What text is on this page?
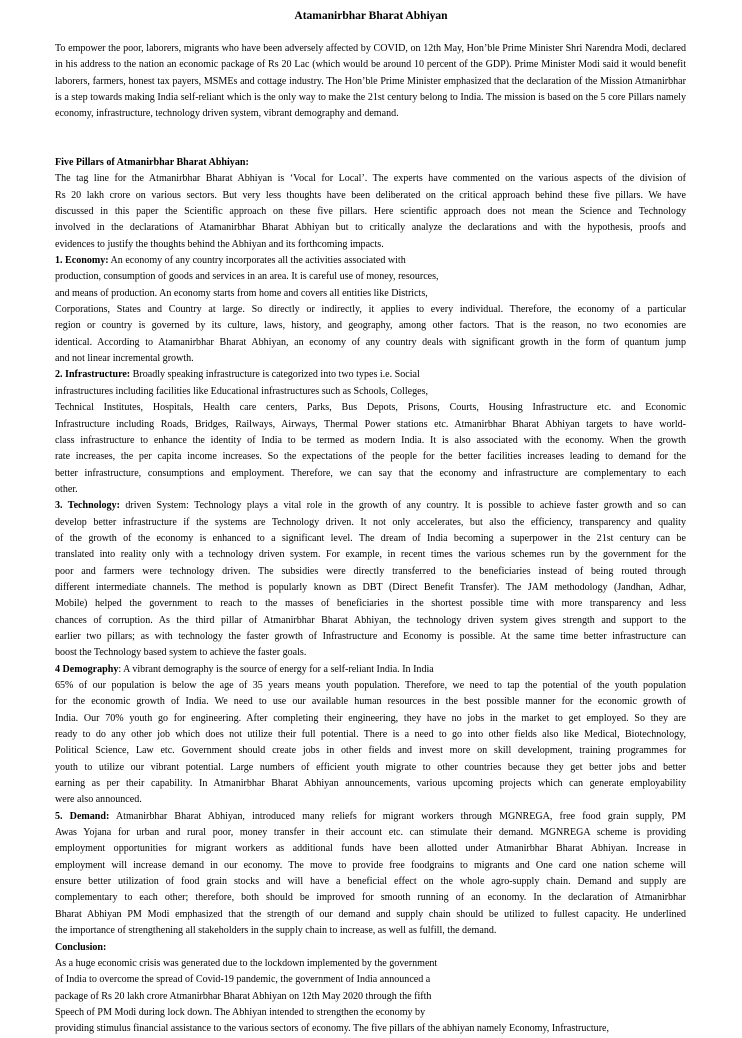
Atamanirbhar Bharat Abhiyan
To empower the poor, laborers, migrants who have been adversely affected by COVID, on 12th May, Hon’ble Prime Minister Shri Narendra Modi, declared in his address to the nation an economic package of Rs 20 Lac (which would be around 10 percent of the GDP). Prime Minister Modi said it would benefit laborers, farmers, honest tax payers, MSMEs and cottage industry. The Hon’ble Prime Minister emphasized that the declaration of the Mission Atmanirbhar is a step towards making India self-reliant which is the only way to make the 21st century belong to India. The mission is based on the 5 core Pillars namely economy, infrastructure, technology driven system, vibrant demography and demand.
Five Pillars of Atmanirbhar Bharat Abhiyan:
The tag line for the Atmanirbhar Bharat Abhiyan is ‘Vocal for Local’. The experts have commented on the various aspects of the division of
Rs 20 lakh crore on various sectors. But very less thoughts have been deliberated on the critical approach behind these five pillars. We have
discussed in this paper the Scientific approach on these five pillars. Here scientific approach does not mean the Science and Technology
involved in the declarations of Atamanirbhar Bharat Abhiyan but to critically analyze the declarations and with the hypothesis, proofs and
evidences to justify the thoughts behind the Abhiyan and its forthcoming impacts.
1. Economy: An economy of any country incorporates all the activities associated with
production, consumption of goods and services in an area. It is careful use of money, resources,
and means of production. An economy starts from home and covers all entities like Districts,
Corporations, States and Country at large. So directly or indirectly, it applies to every individual. Therefore, the economy of a particular
region or country is governed by its culture, laws, history, and geography, among other factors. That is the reason, no two economies are
identical. According to Atamanirbhar Bharat Abhiyan, an economy of any country deals with significant growth in the form of quantum jump
and not linear incremental growth.
2. Infrastructure: Broadly speaking infrastructure is categorized into two types i.e. Social
infrastructures including facilities like Educational infrastructures such as Schools, Colleges,
Technical Institutes, Hospitals, Health care centers, Parks, Bus Depots, Prisons, Courts, Housing Infrastructure etc. and Economic
Infrastructure including Roads, Bridges, Railways, Airways, Thermal Power stations etc. Atmanirbhar Bharat Abhiyan targets to have world-
class infrastructure to enhance the identity of India to be termed as modern India. It is also associated with the economy. When the growth
rate increases, the per capita income increases. So the expectations of the people for the better facilities increases leading to demand for the
better infrastructure, consumptions and employment. Therefore, we can say that the economy and infrastructure are complementary to each
other.
3. Technology: driven System: Technology plays a vital role in the growth of any country. It is possible to achieve faster growth and so can
develop better infrastructure if the systems are Technology driven. It not only accelerates, but also the efficiency, transparency and quality
of the growth of the economy is enhanced to a significant level. The dream of India becoming a superpower in the 21st century can be
translated into reality only with a technology driven system. For example, in recent times the various schemes run by the government for the
poor and farmers were technology driven. The subsidies were directly transferred to the beneficiaries instead of being routed through
different intermediate channels. The method is popularly known as DBT (Direct Benefit Transfer). The JAM methodology (Jandhan, Adhar,
Mobile) helped the government to reach to the masses of beneficiaries in the shortest possible time with more transparency and less
chances of corruption. As the third pillar of Atmanirbhar Bharat Abhiyan, the technology driven system gives strength and support to the
earlier two pillars; as with technology the faster growth of Infrastructure and Economy is possible. At the same time better infrastructure can
boost the Technology based system to achieve the faster goals.
4 Demography: A vibrant demography is the source of energy for a self-reliant India. In India
65% of our population is below the age of 35 years means youth population. Therefore, we need to tap the potential of the youth population
for the economic growth of India. We need to use our available human resources in the best possible manner for the economic growth of
India. Our 70% youth go for engineering. After completing their engineering, they have no jobs in the market to get employed. So they are
ready to do any other job which does not utilize their full potential. There is a need to go into other fields also like Medical, Biotechnology,
Political Science, Law etc. Government should create jobs in other fields and invest more on skill development, training programmes for
youth to utilize our vibrant potential. Large numbers of efficient youth migrate to other countries because they get better jobs and better
earning as per their capability. In Atmanirbhar Bharat Abhiyan announcements, various upcoming projects which can generate employability
were also announced.
5. Demand: Atmanirbhar Bharat Abhiyan, introduced many reliefs for migrant workers through MGNREGA, free food grain supply, PM
Awas Yojana for urban and rural poor, money transfer in their account etc. can stimulate their demand. MGNREGA scheme is providing
employment opportunities for migrant workers as additional funds have been allotted under Atmanirbhar Bharat Abhiyan. Increase in
employment will increase demand in our economy. The move to provide free foodgrains to migrants and One card one nation scheme will
ensure better utilization of food grain stocks and will have a beneficial effect on the whole agro-supply chain. Demand and supply are
complementary to each other; therefore, both should be improved for smooth running of an economy. In the declaration of Atmanirbhar
Bharat Abhiyan PM Modi emphasized that the strength of our demand and supply chain should be utilized to fullest capacity. He underlined
the importance of strengthening all stakeholders in the supply chain to increase, as well as fulfill, the demand.
Conclusion:
As a huge economic crisis was generated due to the lockdown implemented by the government
of India to overcome the spread of Covid-19 pandemic, the government of India announced a
package of Rs 20 lakh crore Atmanirbhar Bharat Abhiyan on 12th May 2020 through the fifth
Speech of PM Modi during lock down. The Abhiyan intended to strengthen the economy by
providing stimulus financial assistance to the various sectors of economy. The five pillars of the abhiyan namely Economy, Infrastructure,
